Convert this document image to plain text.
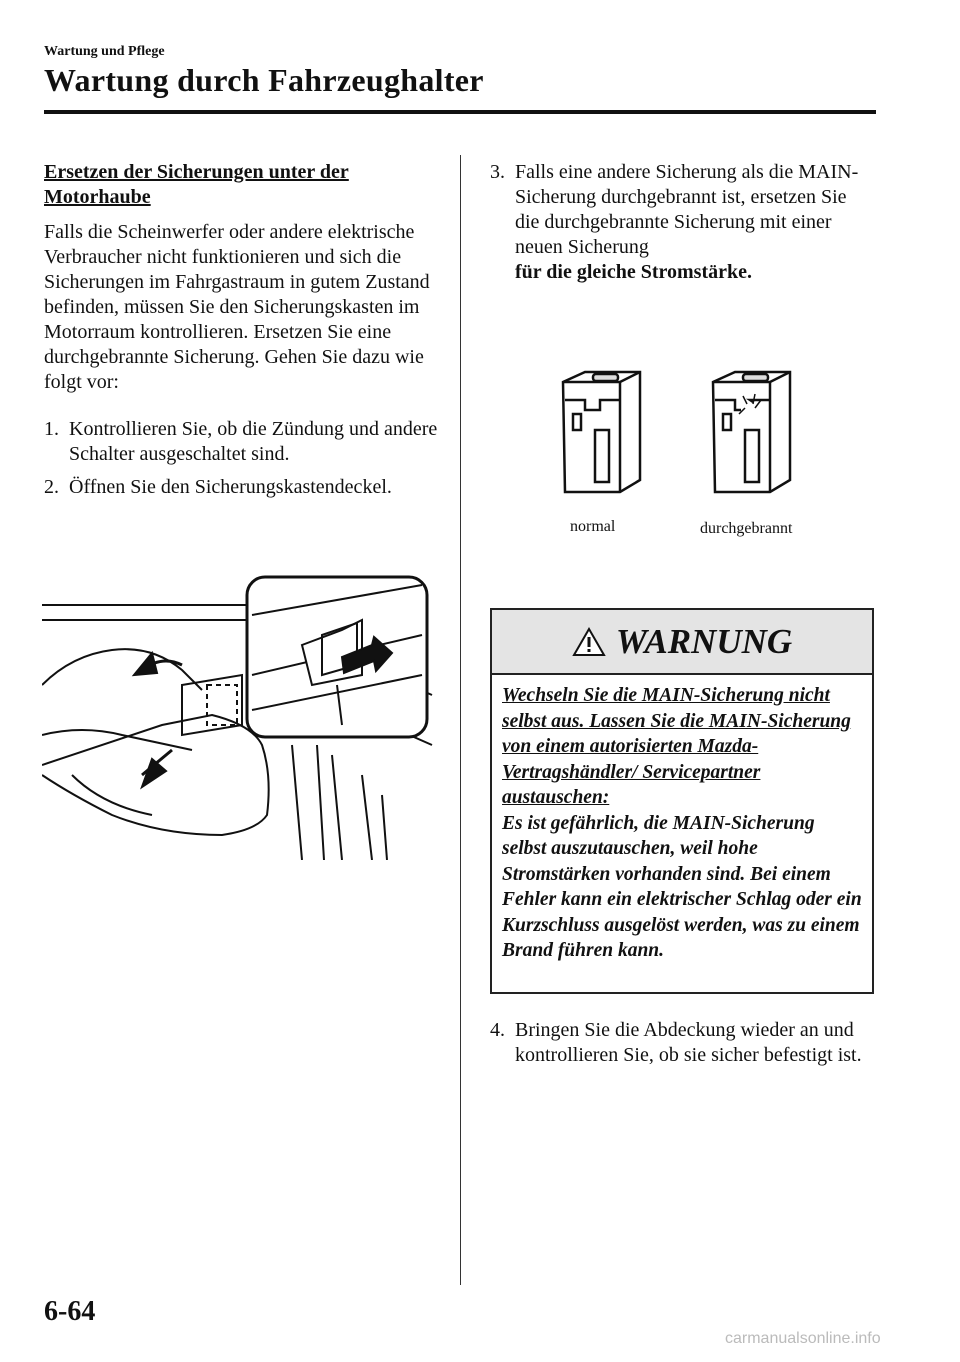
Wartung und Pflege
Wartung durch Fahrzeughalter
Ersetzen der Sicherungen unter der Motorhaube
Falls die Scheinwerfer oder andere elektrische Verbraucher nicht funktionieren und sich die Sicherungen im Fahrgastraum in gutem Zustand befinden, müssen Sie den Sicherungskasten im Motorraum kontrollieren. Ersetzen Sie eine durchgebrannte Sicherung. Gehen Sie dazu wie folgt vor:
1. Kontrollieren Sie, ob die Zündung und andere Schalter ausgeschaltet sind.
2. Öffnen Sie den Sicherungskastendeckel.
3. Falls eine andere Sicherung als die MAIN-Sicherung durchgebrannt ist, ersetzen Sie die durchgebrannte Sicherung mit einer neuen Sicherung
für die gleiche Stromstärke.
normal	durchgebrannt
WARNUNG
Wechseln Sie die MAIN-Sicherung nicht selbst aus. Lassen Sie die MAIN-Sicherung von einem autorisierten Mazda-Vertragshändler/ Servicepartner austauschen:
Es ist gefährlich, die MAIN-Sicherung selbst auszutauschen, weil hohe Stromstärken vorhanden sind. Bei einem Fehler kann ein elektrischer Schlag oder ein Kurzschluss ausgelöst werden, was zu einem Brand führen kann.
4. Bringen Sie die Abdeckung wieder an und kontrollieren Sie, ob sie sicher befestigt ist.
6-64
carmanualsonline.info
